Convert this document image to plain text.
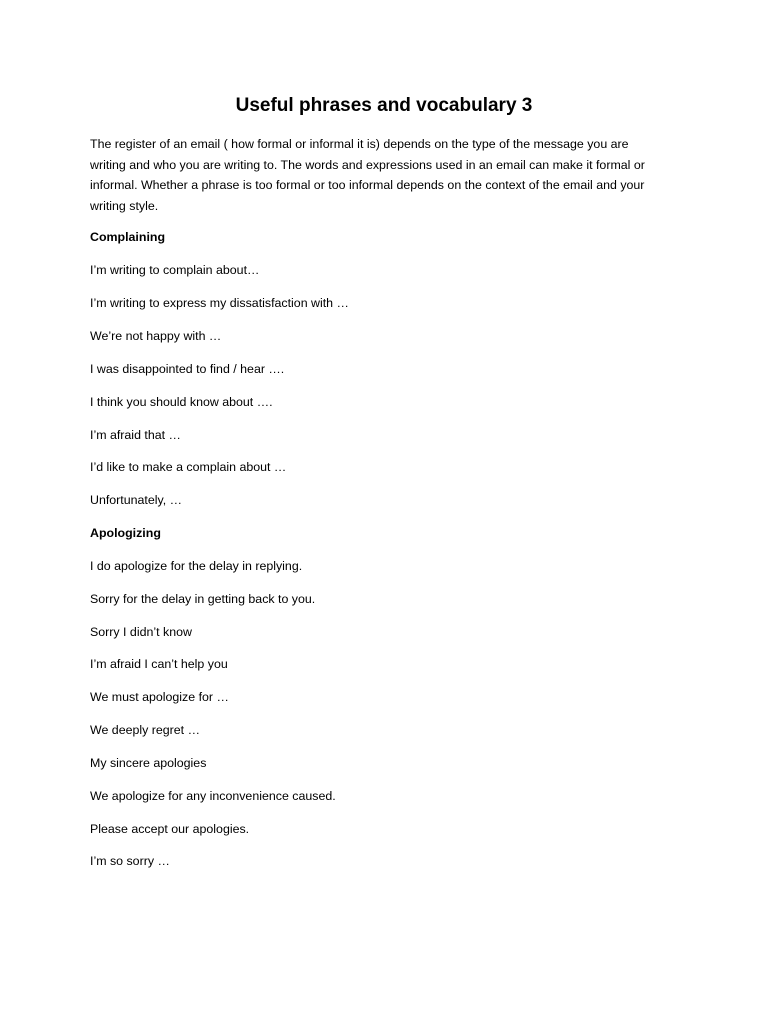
Useful phrases and vocabulary 3
The register of an email ( how formal or informal it is) depends on the type of the message you are
writing and who you are writing to. The words and expressions used in an email can make it formal or
informal. Whether a phrase is too formal or too informal depends on the context of the email and your
writing style.
Complaining
I’m writing to complain about…
I’m writing to express my dissatisfaction with …
We’re not happy with …
I was disappointed to find / hear ….
I think you should know about ….
I’m afraid that …
I’d like to make a complain about …
Unfortunately, …
Apologizing
I do apologize for the delay in replying.
Sorry for the delay in getting back to you.
Sorry I didn’t know
I’m afraid I can’t help you
We must apologize for …
We deeply regret …
My sincere apologies
We apologize for any inconvenience caused.
Please accept our apologies.
I’m so sorry …
